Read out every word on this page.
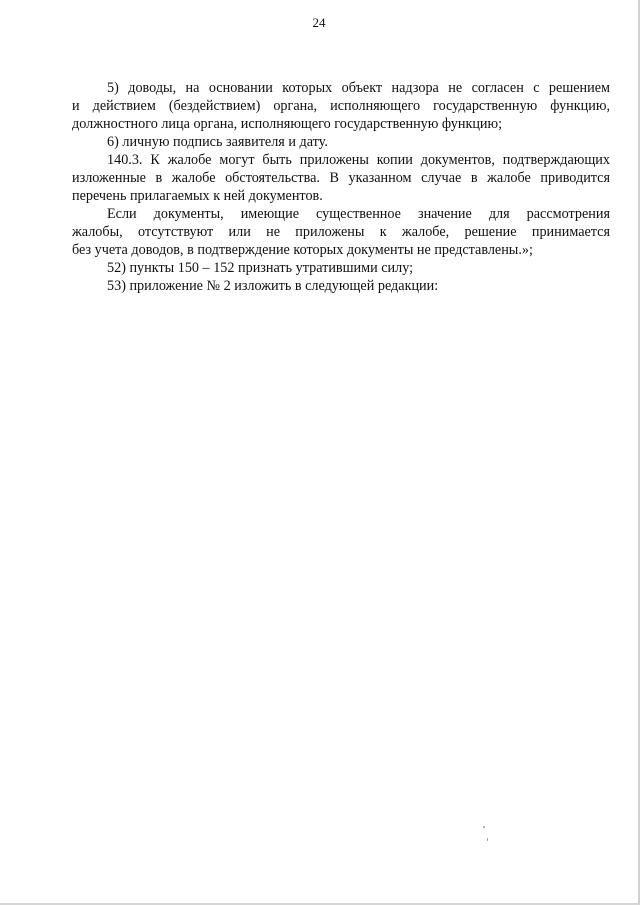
24
5) доводы, на основании которых объект надзора не согласен с решением
и действием (бездействием) органа, исполняющего государственную функцию,
должностного лица органа, исполняющего государственную функцию;
6) личную подпись заявителя и дату.
140.3. К жалобе могут быть приложены копии документов, подтверждающих
изложенные в жалобе обстоятельства. В указанном случае в жалобе приводится
перечень прилагаемых к ней документов.
Если документы, имеющие существенное значение для рассмотрения
жалобы, отсутствуют или не приложены к жалобе, решение принимается
без учета доводов, в подтверждение которых документы не представлены.»;
52) пункты 150 – 152 признать утратившими силу;
53) приложение № 2 изложить в следующей редакции:
